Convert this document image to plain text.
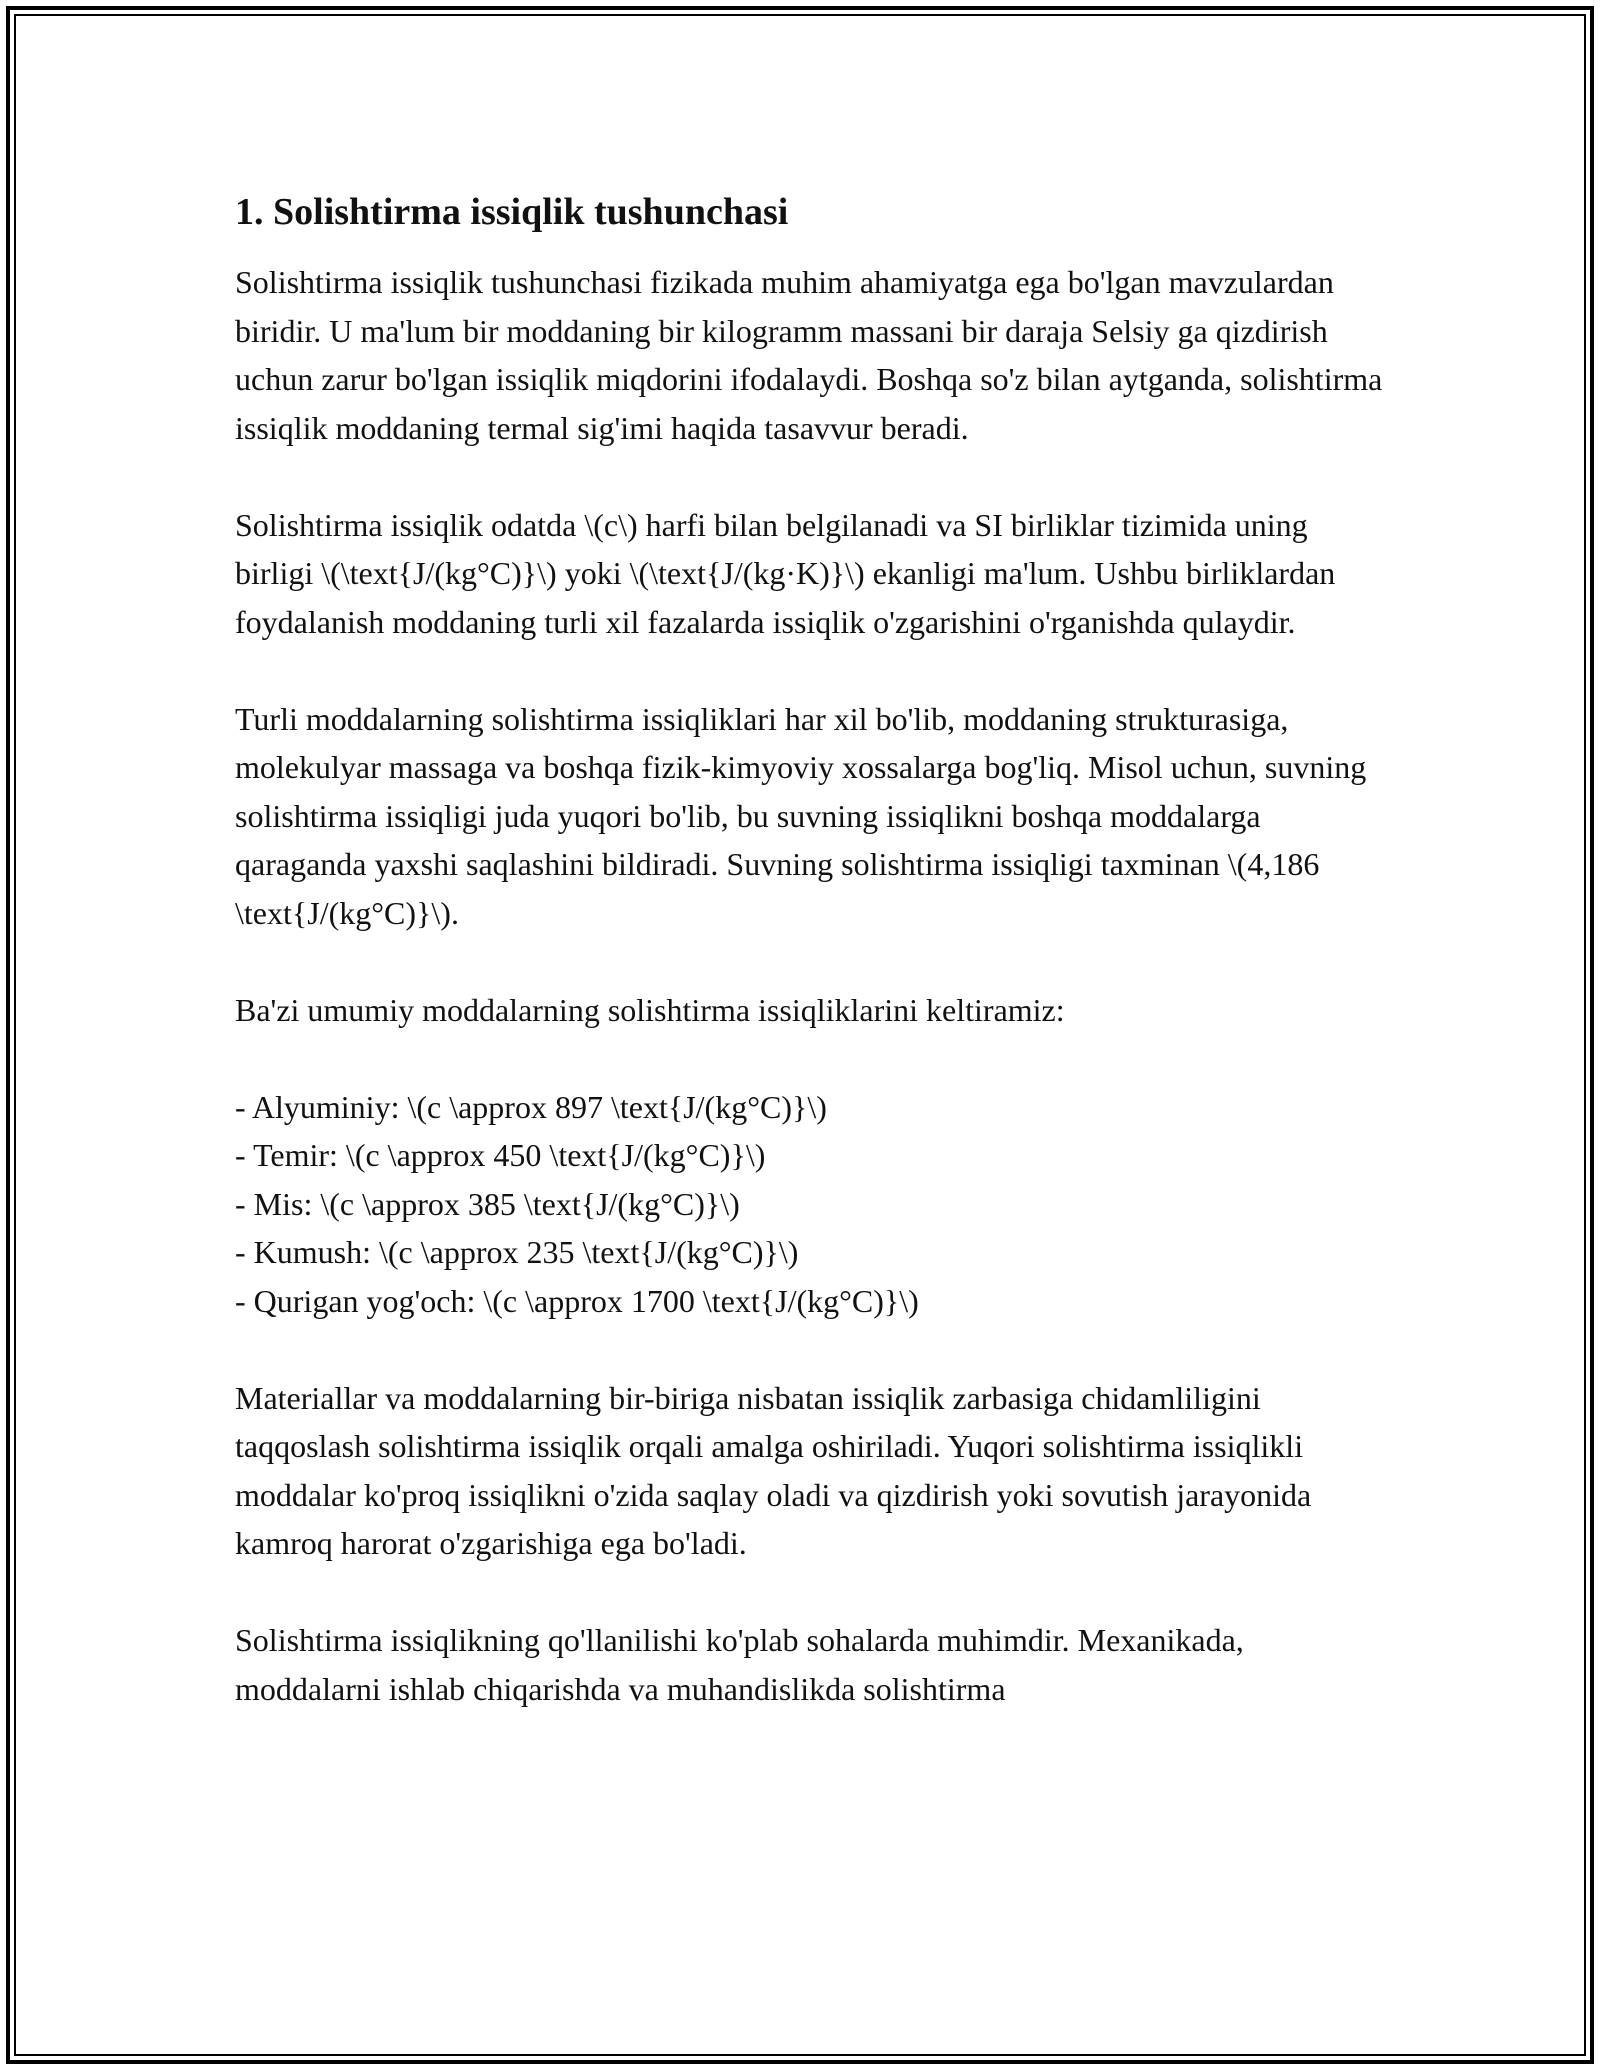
1. Solishtirma issiqlik tushunchasi

Solishtirma issiqlik tushunchasi fizikada muhim ahamiyatga ega bo'lgan mavzulardan biridir. U ma'lum bir moddaning bir kilogramm massani bir daraja Selsiy ga qizdirish uchun zarur bo'lgan issiqlik miqdorini ifodalaydi. Boshqa so'z bilan aytganda, solishtirma issiqlik moddaning termal sig'imi haqida tasavvur beradi.

Solishtirma issiqlik odatda \(c\) harfi bilan belgilanadi va SI birliklar tizimida uning birligi \(\text{J/(kg°C)}\) yoki \(\text{J/(kg·K)}\) ekanligi ma'lum. Ushbu birliklardan foydalanish moddaning turli xil fazalarda issiqlik o'zgarishini o'rganishda qulaydir.

Turli moddalarning solishtirma issiqliklari har xil bo'lib, moddaning strukturasiga, molekulyar massaga va boshqa fizik-kimyoviy xossalarga bog'liq. Misol uchun, suvning solishtirma issiqligi juda yuqori bo'lib, bu suvning issiqlikni boshqa moddalarga qaraganda yaxshi saqlashini bildiradi. Suvning solishtirma issiqligi taxminan \(4,186 \text{J/(kg°C)}\).

Ba'zi umumiy moddalarning solishtirma issiqliklarini keltiramiz:

- Alyuminiy: \(c \approx 897 \text{J/(kg°C)}\)
- Temir: \(c \approx 450 \text{J/(kg°C)}\)
- Mis: \(c \approx 385 \text{J/(kg°C)}\)
- Kumush: \(c \approx 235 \text{J/(kg°C)}\)
- Qurigan yog'och: \(c \approx 1700 \text{J/(kg°C)}\)

Materiallar va moddalarning bir-biriga nisbatan issiqlik zarbasiga chidamliligini taqqoslash solishtirma issiqlik orqali amalga oshiriladi. Yuqori solishtirma issiqlikli moddalar ko'proq issiqlikni o'zida saqlay oladi va qizdirish yoki sovutish jarayonida kamroq harorat o'zgarishiga ega bo'ladi.

Solishtirma issiqlikning qo'llanilishi ko'plab sohalarda muhimdir. Mexanikada, moddalarni ishlab chiqarishda va muhandislikda solishtirma
